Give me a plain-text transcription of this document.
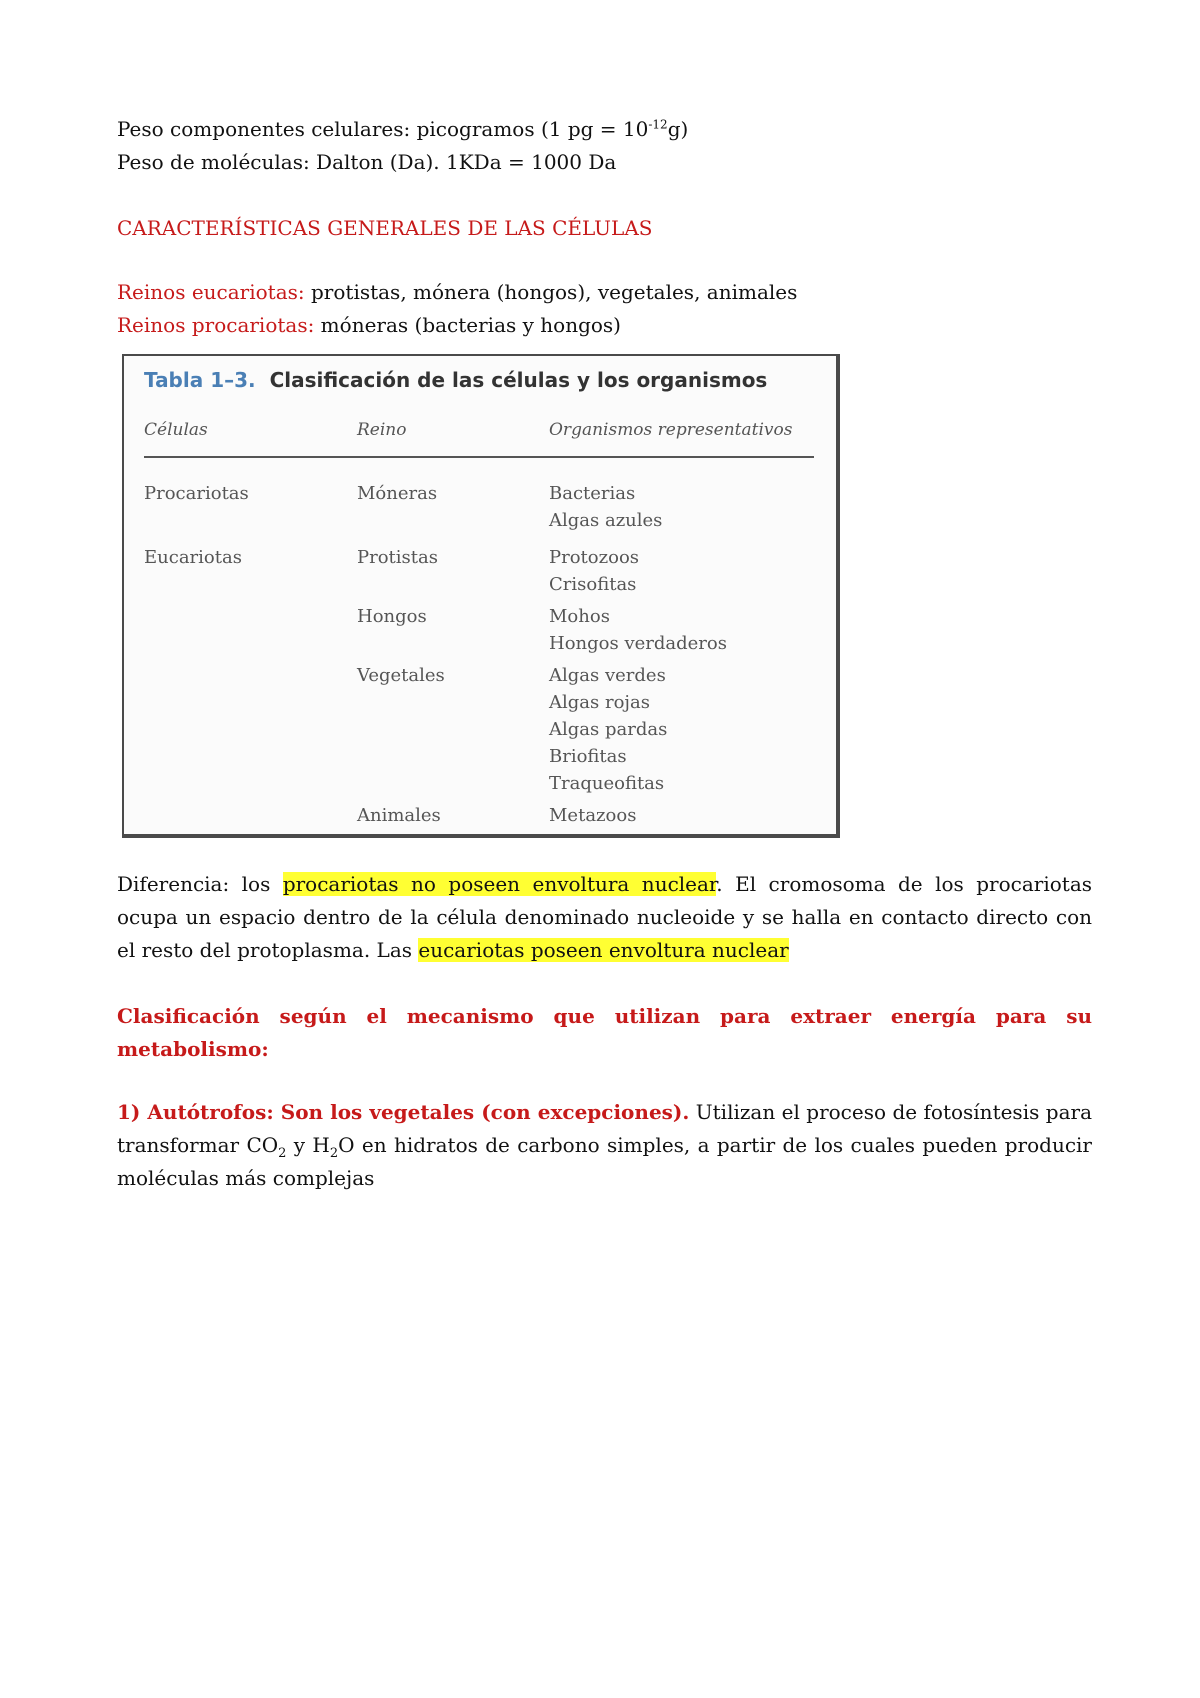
Peso componentes celulares: picogramos (1 pg = $10^{-12}g$)
Peso de moléculas: Dalton (Da). 1KDa = 1000 Da
CARACTERÍSTICAS GENERALES DE LAS CÉLULAS
Reinos eucariotas: protistas, mónera (hongos), vegetales, animales
Reinos procariotas: móneras (bacterias y hongos)
Tabla 1–3. Clasificación de las células y los organismos
Células	Reino	Organismos representativos
Procariotas	Móneras	Bacterias
Algas azules
Eucariotas	Protistas	Protozoos
Crisofitas
Hongos	Mohos
Hongos verdaderos
Vegetales	Algas verdes
Algas rojas
Algas pardas
Briofitas
Traqueofitas
Animales	Metazoos
Diferencia: los procariotas no poseen envoltura nuclear. El cromosoma de los procariotas
ocupa un espacio dentro de la célula denominado nucleoide y se halla en contacto directo con
el resto del protoplasma. Las eucariotas poseen envoltura nuclear
Clasificación según el mecanismo que utilizan para extraer energía para su
metabolismo:
1) Autótrofos: Son los vegetales (con excepciones). Utilizan el proceso de fotosíntesis para
transformar $CO_2$ y $H_2O$ en hidratos de carbono simples, a partir de los cuales pueden producir
moléculas más complejas
